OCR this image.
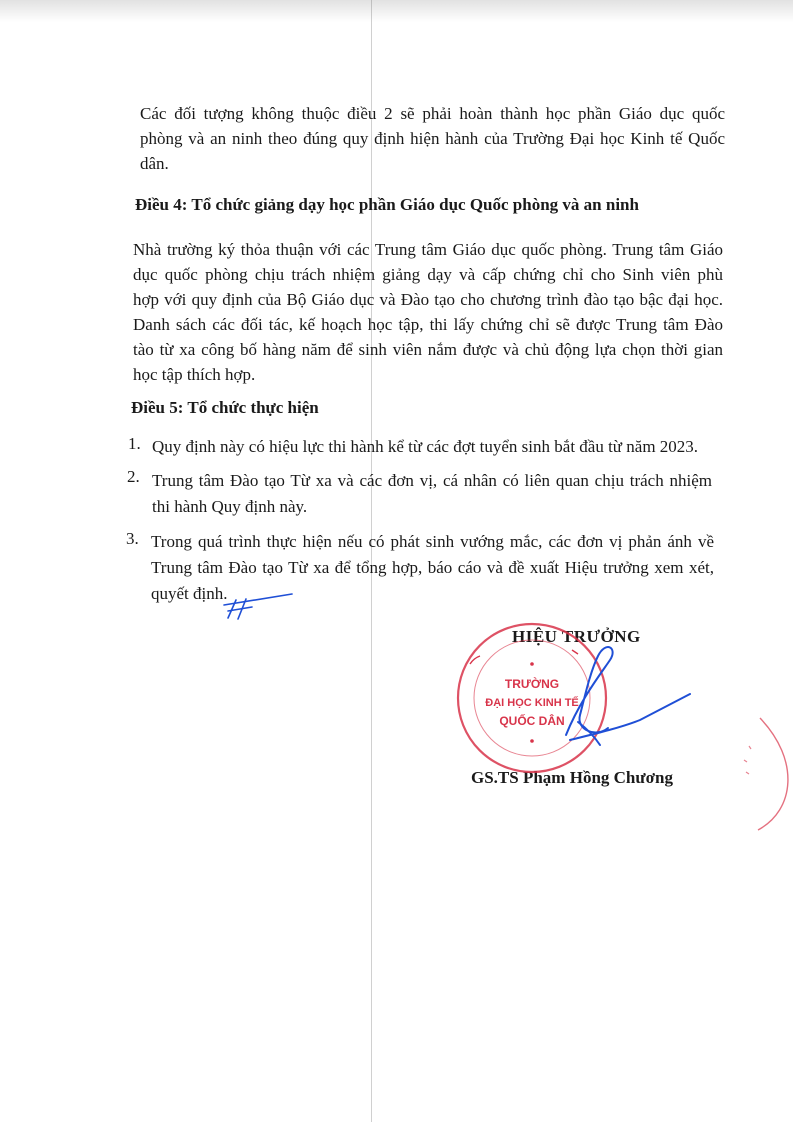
Các đối tượng không thuộc điều 2 sẽ phải hoàn thành học phần Giáo dục quốc

phòng và an ninh theo đúng quy định hiện hành của Trường Đại học Kinh tế Quốc

dân.

Điều 4: Tổ chức giảng dạy học phần Giáo dục Quốc phòng và an ninh

Nhà trường ký thỏa thuận với các Trung tâm Giáo dục quốc phòng. Trung tâm Giáo

dục quốc phòng chịu trách nhiệm giảng dạy và cấp chứng chỉ cho Sinh viên phù

hợp với quy định của Bộ Giáo dục và Đào tạo cho chương trình đào tạo bậc đại học.

Danh sách các đối tác, kế hoạch học tập, thi lấy chứng chỉ sẽ được Trung tâm Đào

tào từ xa công bố hàng năm để sinh viên nắm được và chủ động lựa chọn thời gian

học tập thích hợp.

Điều 5: Tổ chức thực hiện

1. Quy định này có hiệu lực thi hành kể từ các đợt tuyển sinh bắt đầu từ năm 2023.

2. Trung tâm Đào tạo Từ xa và các đơn vị, cá nhân có liên quan chịu trách nhiệm

thi hành Quy định này.

3. Trong quá trình thực hiện nếu có phát sinh vướng mắc, các đơn vị phản ánh về

Trung tâm Đào tạo Từ xa để tổng hợp, báo cáo và đề xuất Hiệu trưởng xem xét,

quyết định.

HIỆU TRƯỞNG
GS.TS Phạm Hồng Chương
TRƯỜNG
ĐẠI HỌC KINH TẾ
QUỐC DÂN
